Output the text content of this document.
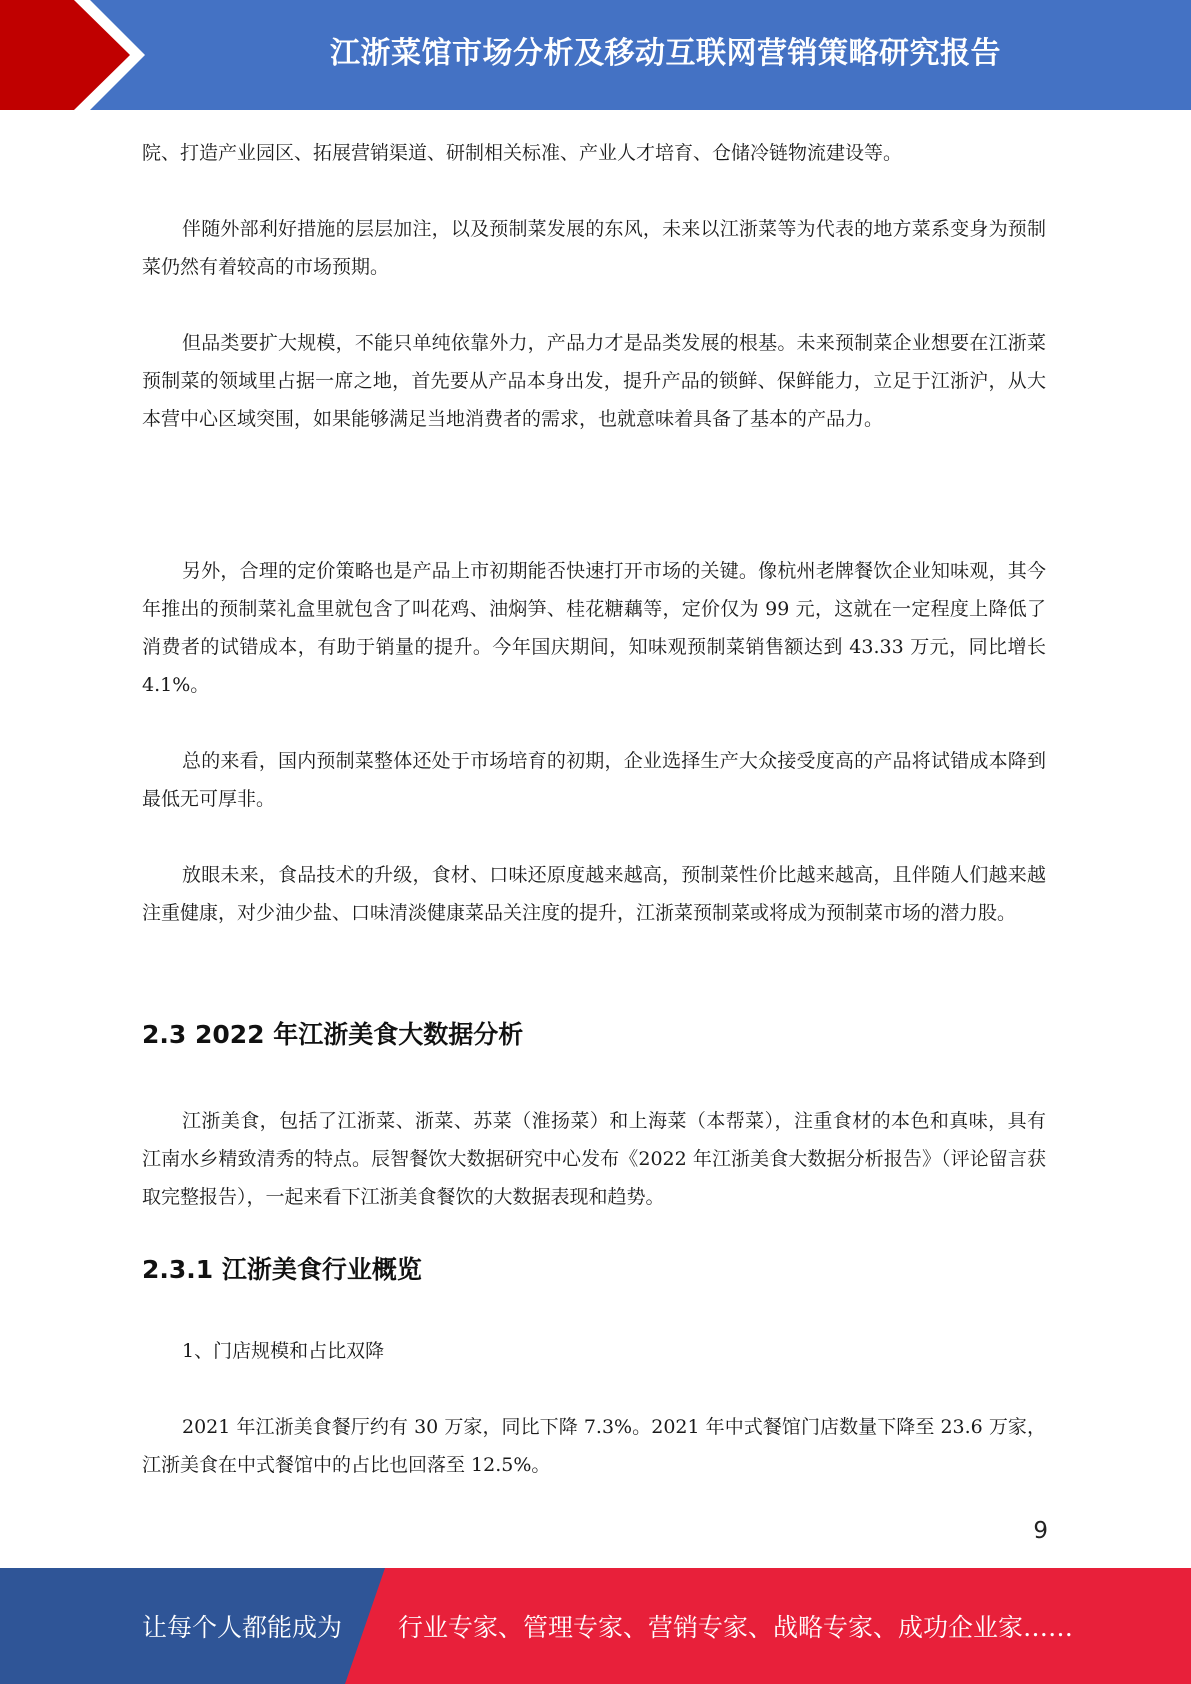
江浙菜馆市场分析及移动互联网营销策略研究报告

院、打造产业园区、拓展营销渠道、研制相关标准、产业人才培育、仓储冷链物流建设等。

伴随外部利好措施的层层加注，以及预制菜发展的东风，未来以江浙菜等为代表的地方菜系变身为预制菜仍然有着较高的市场预期。

但品类要扩大规模，不能只单纯依靠外力，产品力才是品类发展的根基。未来预制菜企业想要在江浙菜预制菜的领域里占据一席之地，首先要从产品本身出发，提升产品的锁鲜、保鲜能力，立足于江浙沪，从大本营中心区域突围，如果能够满足当地消费者的需求，也就意味着具备了基本的产品力。

另外，合理的定价策略也是产品上市初期能否快速打开市场的关键。像杭州老牌餐饮企业知味观，其今年推出的预制菜礼盒里就包含了叫花鸡、油焖笋、桂花糖藕等，定价仅为 99 元，这就在一定程度上降低了消费者的试错成本，有助于销量的提升。今年国庆期间，知味观预制菜销售额达到 43.33 万元，同比增长 4.1%。

总的来看，国内预制菜整体还处于市场培育的初期，企业选择生产大众接受度高的产品将试错成本降到最低无可厚非。

放眼未来，食品技术的升级，食材、口味还原度越来越高，预制菜性价比越来越高，且伴随人们越来越注重健康，对少油少盐、口味清淡健康菜品关注度的提升，江浙菜预制菜或将成为预制菜市场的潜力股。

2.3 2022 年江浙美食大数据分析

江浙美食，包括了江浙菜、浙菜、苏菜（淮扬菜）和上海菜（本帮菜），注重食材的本色和真味，具有江南水乡精致清秀的特点。辰智餐饮大数据研究中心发布《2022 年江浙美食大数据分析报告》（评论留言获取完整报告），一起来看下江浙美食餐饮的大数据表现和趋势。

2.3.1 江浙美食行业概览

1、门店规模和占比双降

2021 年江浙美食餐厅约有 30 万家，同比下降 7.3%。2021 年中式餐馆门店数量下降至 23.6 万家，江浙美食在中式餐馆中的占比也回落至 12.5%。

9
让每个人都能成为 行业专家、管理专家、营销专家、战略专家、成功企业家……
